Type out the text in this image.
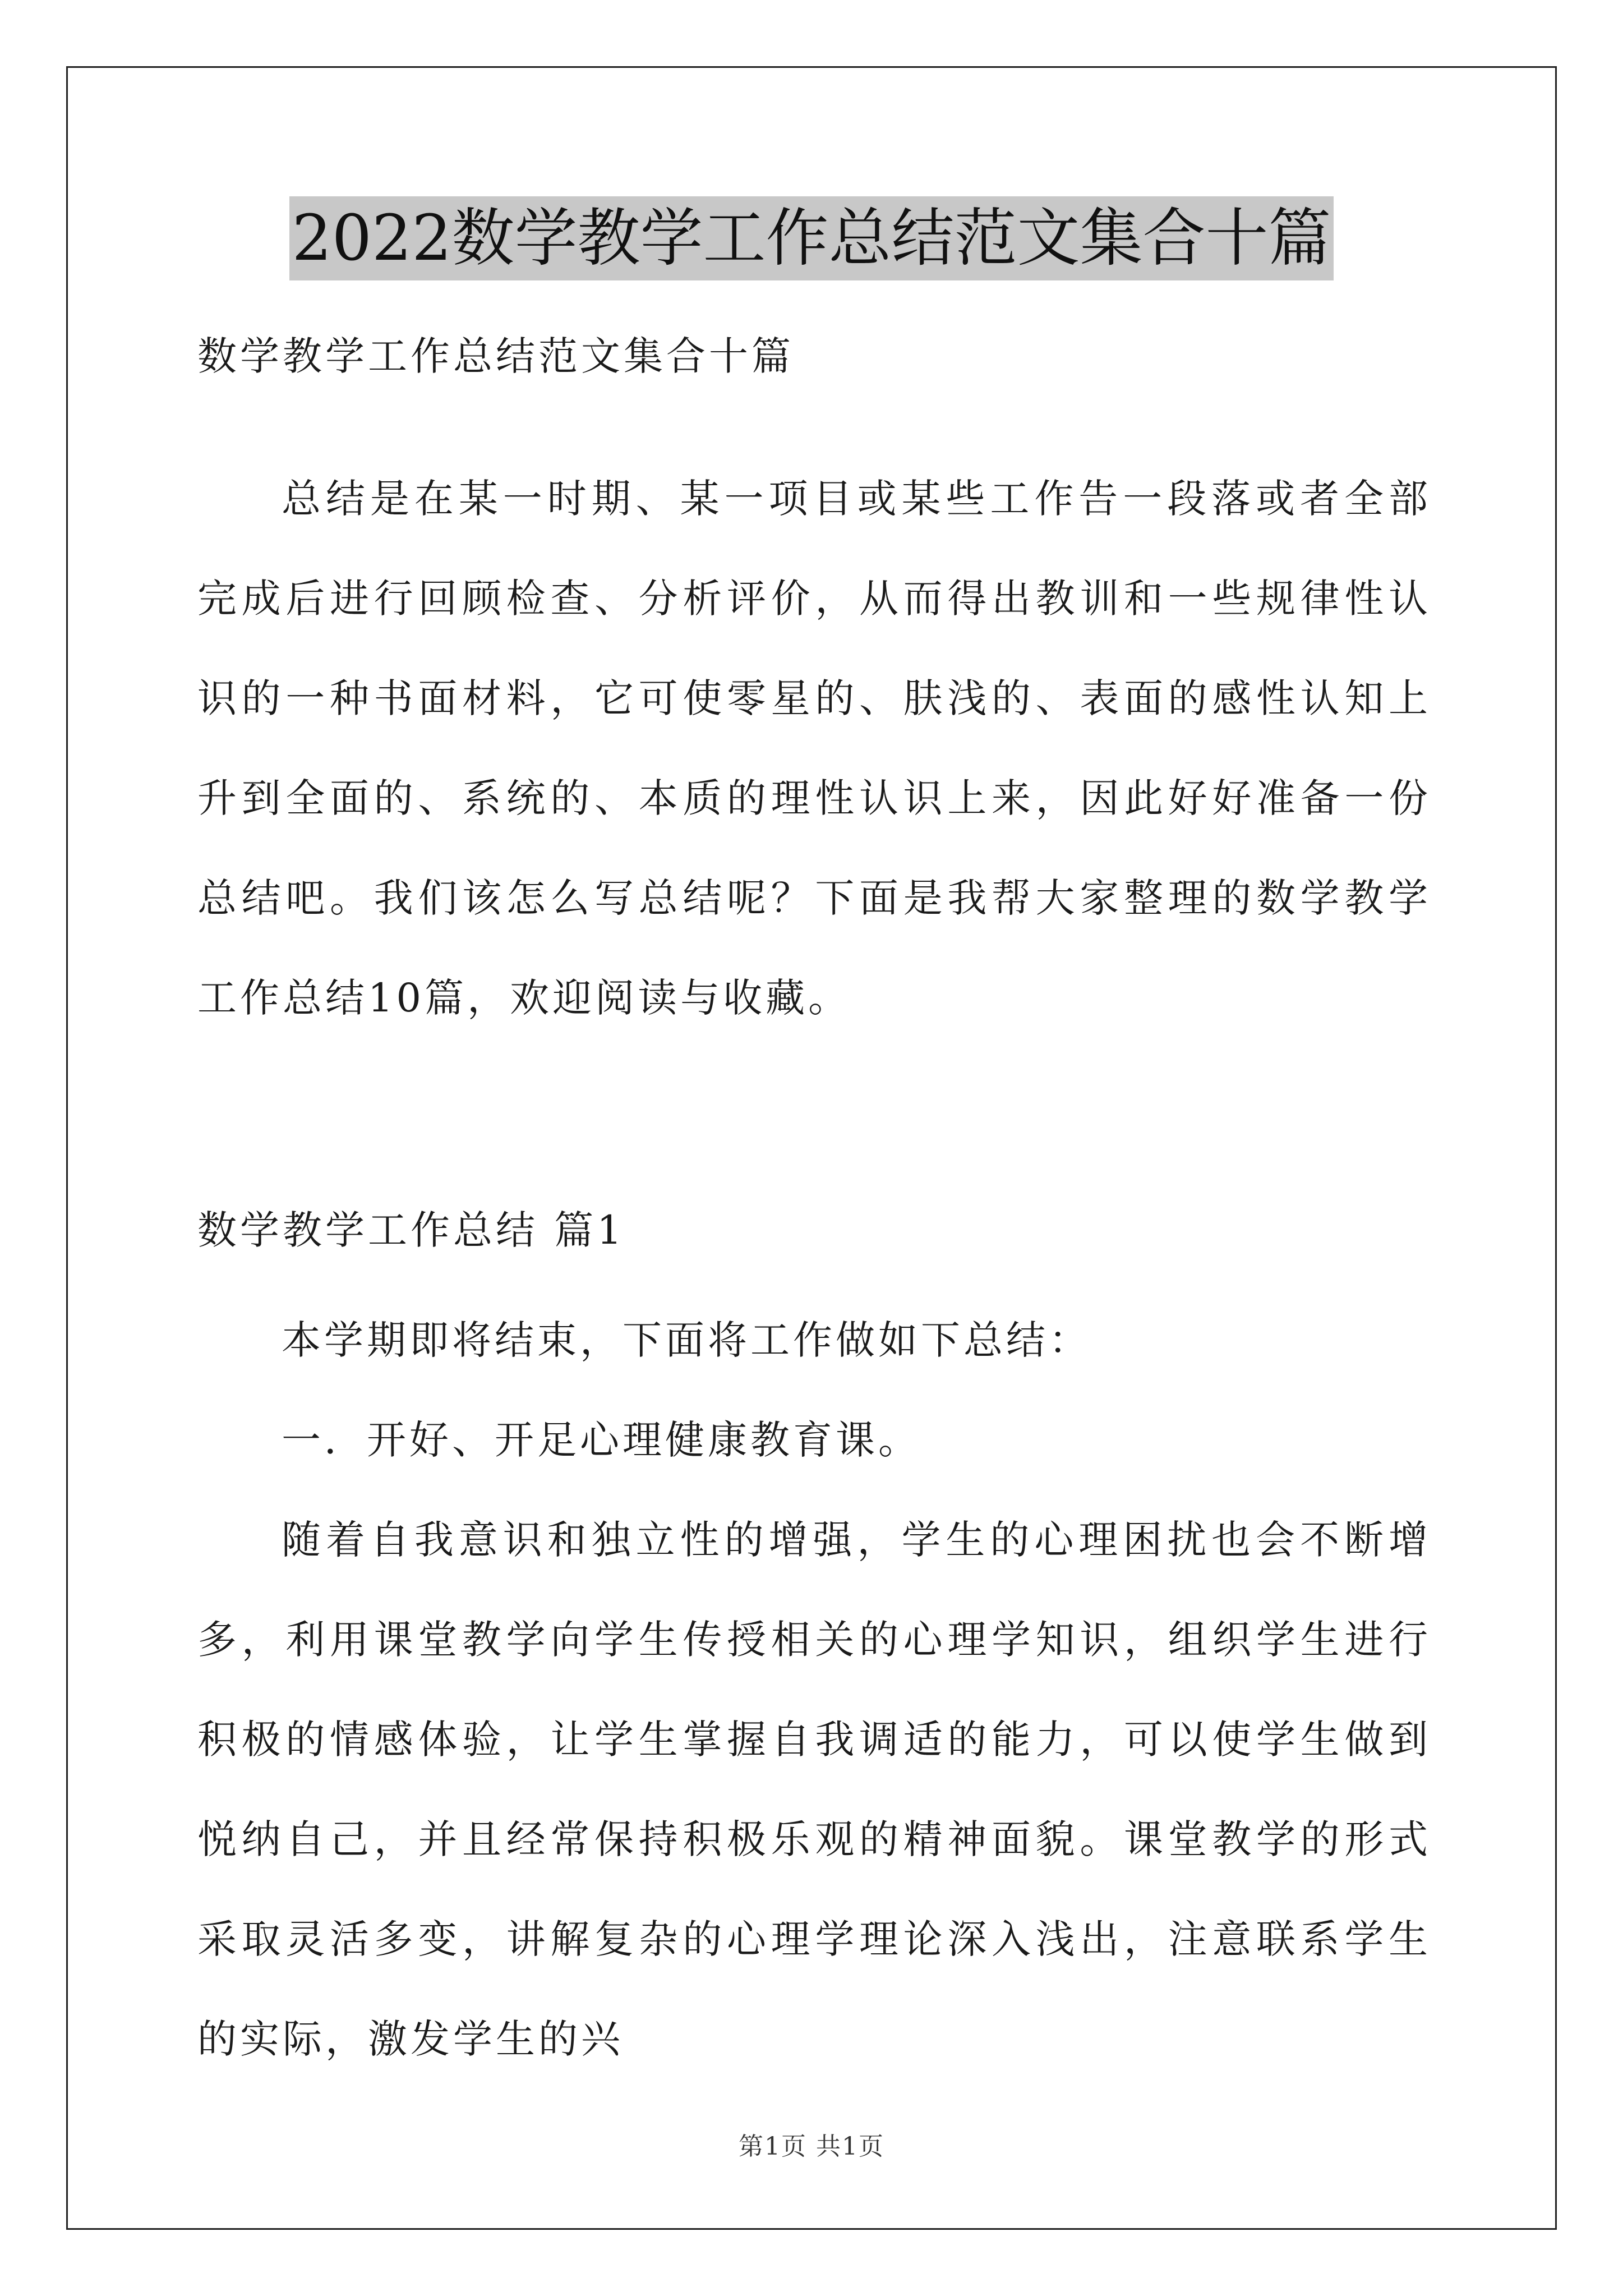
2022数学教学工作总结范文集合十篇
数学教学工作总结范文集合十篇
总结是在某一时期、某一项目或某些工作告一段落或者全部完成后进行回顾检查、分析评价，从而得出教训和一些规律性认识的一种书面材料，它可使零星的、肤浅的、表面的感性认知上升到全面的、系统的、本质的理性认识上来，因此好好准备一份总结吧。我们该怎么写总结呢？下面是我帮大家整理的数学教学工作总结10篇，欢迎阅读与收藏。
数学教学工作总结 篇1
本学期即将结束，下面将工作做如下总结：
一．开好、开足心理健康教育课。
随着自我意识和独立性的增强，学生的心理困扰也会不断增多，利用课堂教学向学生传授相关的心理学知识，组织学生进行积极的情感体验，让学生掌握自我调适的能力，可以使学生做到悦纳自己，并且经常保持积极乐观的精神面貌。课堂教学的形式采取灵活多变，讲解复杂的心理学理论深入浅出，注意联系学生的实际，激发学生的兴
第1页 共1页
